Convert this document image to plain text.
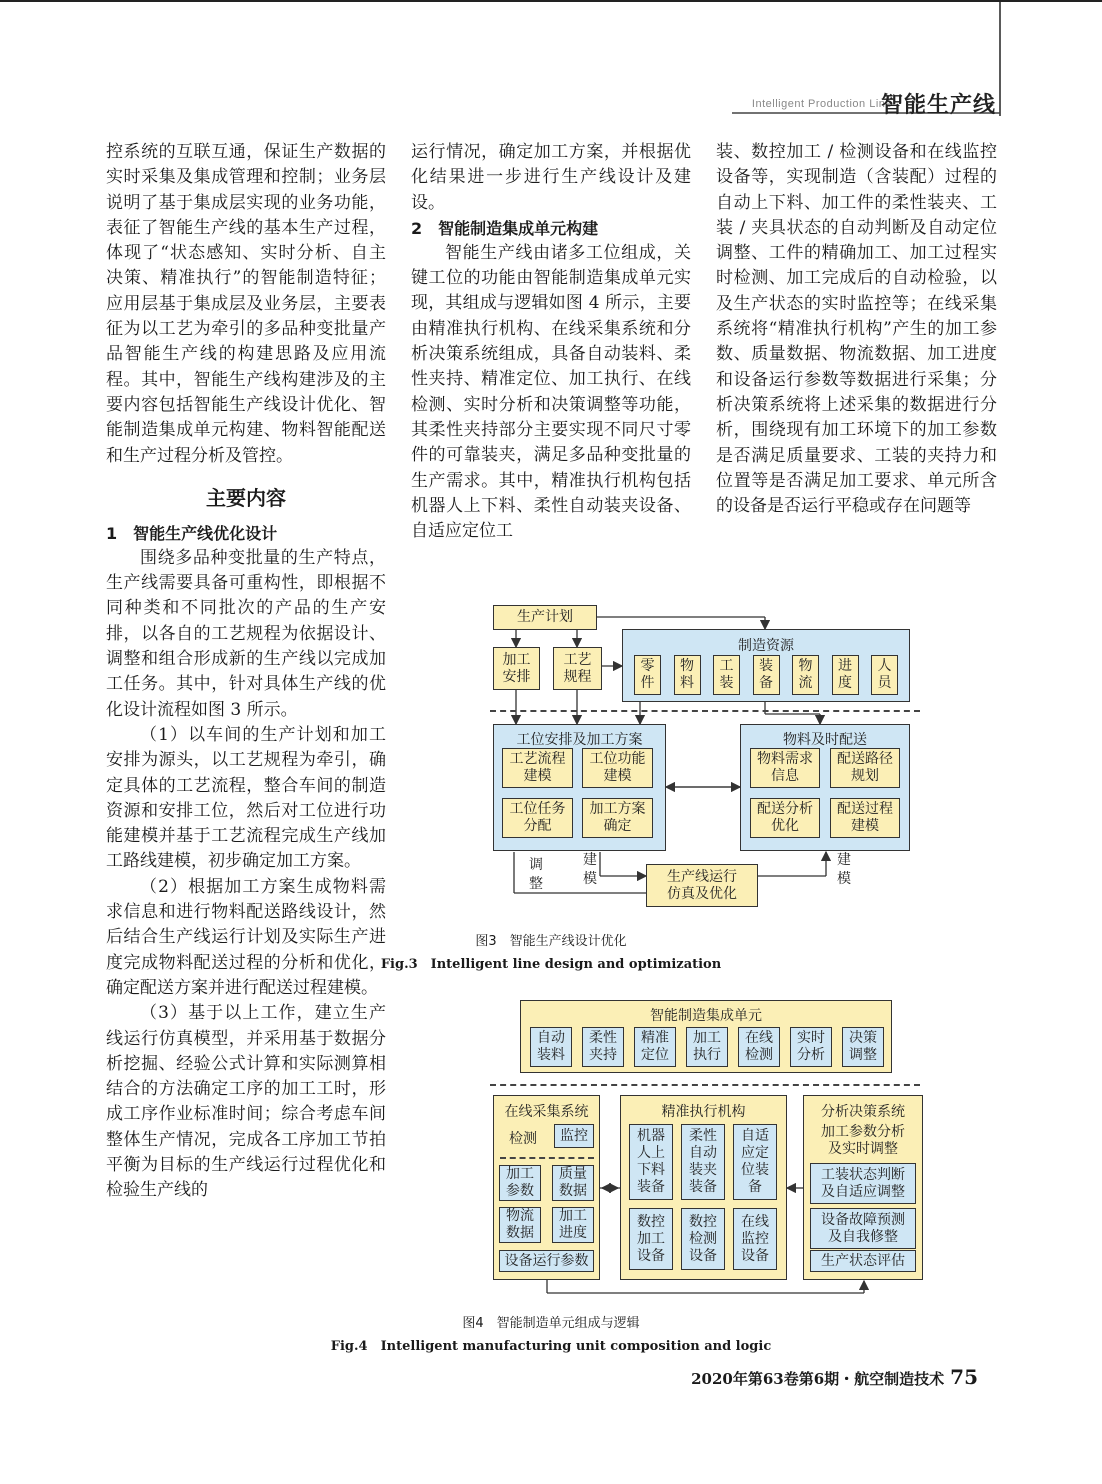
Intelligent Production Line
智能生产线

控系统的互联互通，保证生产数据的实时采集及集成管理和控制；业务层说明了基于集成层实现的业务功能，表征了智能生产线的基本生产过程，体现了“状态感知、实时分析、自主决策、精准执行”的智能制造特征；应用层基于集成层及业务层，主要表征为以工艺为牵引的多品种变批量产品智能生产线的构建思路及应用流程。其中，智能生产线构建涉及的主要内容包括智能生产线设计优化、智能制造集成单元构建、物料智能配送和生产过程分析及管控。

主要内容
1　智能生产线优化设计

围绕多品种变批量的生产特点，生产线需要具备可重构性，即根据不同种类和不同批次的产品的生产安排，以各自的工艺规程为依据设计、调整和组合形成新的生产线以完成加工任务。其中，针对具体生产线的优化设计流程如图 3 所示。

（1）以车间的生产计划和加工安排为源头，以工艺规程为牵引，确定具体的工艺流程，整合车间的制造资源和安排工位，然后对工位进行功能建模并基于工艺流程完成生产线加工路线建模，初步确定加工方案。

（2）根据加工方案生成物料需求信息和进行物料配送路线设计，然后结合生产线运行计划及实际生产进度完成物料配送过程的分析和优化，确定配送方案并进行配送过程建模。

（3）基于以上工作，建立生产线运行仿真模型，并采用基于数据分析挖掘、经验公式计算和实际测算相结合的方法确定工序的加工工时，形成工序作业标准时间；综合考虑车间整体生产情况，完成各工序加工节拍平衡为目标的生产线运行过程优化和检验生产线的

运行情况，确定加工方案，并根据优化结果进一步进行生产线设计及建设。

2　智能制造集成单元构建

智能生产线由诸多工位组成，关键工位的功能由智能制造集成单元实现，其组成与逻辑如图 4 所示，主要由精准执行机构、在线采集系统和分析决策系统组成，具备自动装料、柔性夹持、精准定位、加工执行、在线检测、实时分析和决策调整等功能，其柔性夹持部分主要实现不同尺寸零件的可靠装夹，满足多品种变批量的生产需求。其中，精准执行机构包括机器人上下料、柔性自动装夹设备、自适应定位工

装、数控加工 / 检测设备和在线监控设备等，实现制造（含装配）过程的自动上下料、加工件的柔性装夹、工装 / 夹具状态的自动判断及自动定位调整、工件的精确加工、加工过程实时检测、加工完成后的自动检验，以及生产状态的实时监控等；在线采集系统将“精准执行机构”产生的加工参数、质量数据、物流数据、加工进度和设备运行参数等数据进行采集；分析决策系统将上述采集的数据进行分析，围绕现有加工环境下的加工参数是否满足质量要求、工装的夹持力和位置等是否满足加工要求、单元所含的设备是否运行平稳或存在问题等

生产计划
加工
安排
工艺
规程
制造资源
工位安排及加工方案	物料及时配送
调
整
建
模
建
模
生产线运行
仿真及优化
图3　智能生产线设计优化
Fig.3　Intelligent line design and optimization
零
件
物
料
工
装
装
备
物
流
进
度
人
员
工艺流程
建模
工位功能
建模
工位任务
分配
加工方案
确定
物料需求
信息
配送路径
规划
配送分析
优化
配送过程
建模
智能制造集成单元
在线采集系统
检测	监控
设备运行参数
精准执行机构	分析决策系统
加工参数分析
及实时调整
图4　智能制造单元组成与逻辑
Fig.4　Intelligent manufacturing unit composition and logic
自动
装料
柔性
夹持
精准
定位
加工
执行
在线
检测
实时
分析
决策
调整
加工
参数
质量
数据
物流
数据
加工
进度
机器
人上
下料
装备
柔性
自动
装夹
装备
自适
应定
位装
备
数控
加工
设备
数控
检测
设备
在线
监控
设备
工装状态判断
及自适应调整
设备故障预测
及自我修整
生产状态评估
2020年第63卷第6期・航空制造技术 75
